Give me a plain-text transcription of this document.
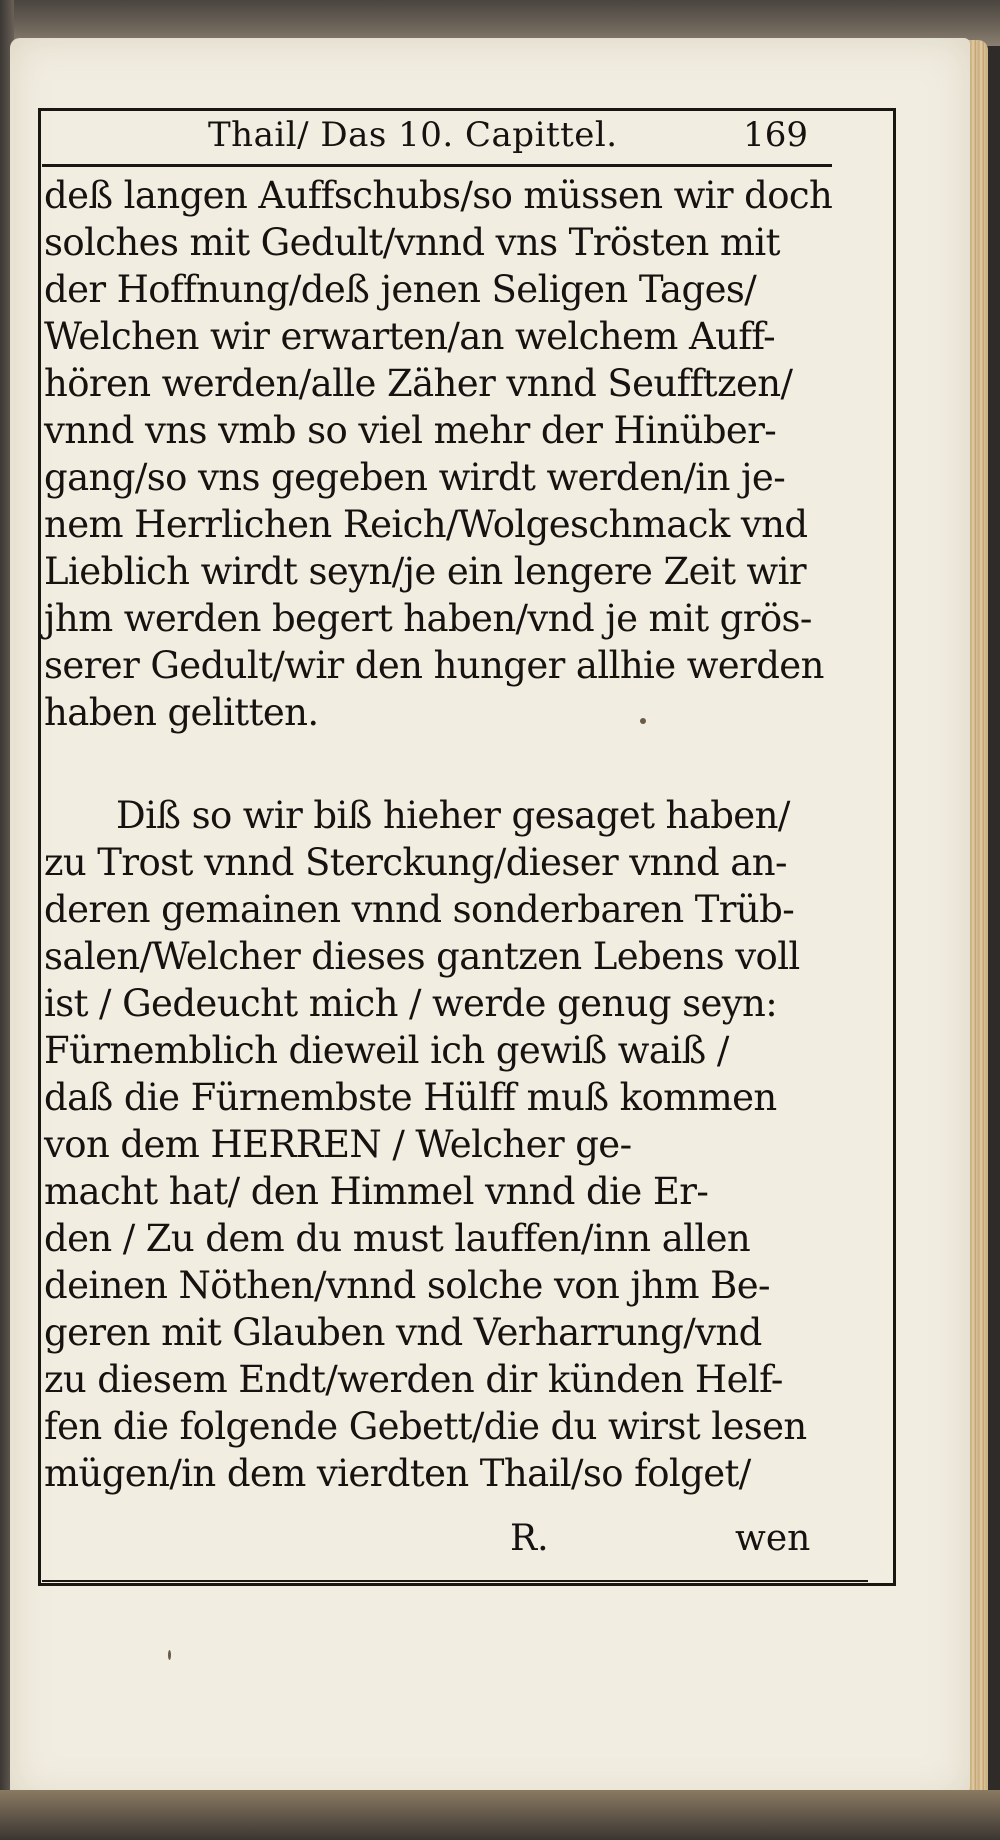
Thail/ Das 10. Capittel.	169
deß langen Auffschubs/so müssen wir doch
solches mit Gedult/vnnd vns Trösten mit
der Hoffnung/deß jenen Seligen Tages/
Welchen wir erwarten/an welchem Auff-
hören werden/alle Zäher vnnd Seufftzen/
vnnd vns vmb so viel mehr der Hinüber-
gang/so vns gegeben wirdt werden/in je-
nem Herrlichen Reich/Wolgeschmack vnd
Lieblich wirdt seyn/je ein lengere Zeit wir
jhm werden begert haben/vnd je mit grös-
serer Gedult/wir den hunger allhie werden
haben gelitten.
Diß so wir biß hieher gesaget haben/
zu Trost vnnd Sterckung/dieser vnnd an-
deren gemainen vnnd sonderbaren Trüb-
salen/Welcher dieses gantzen Lebens voll
ist / Gedeucht mich / werde genug seyn:
Fürnemblich dieweil ich gewiß waiß /
daß die Fürnembste Hülff muß kommen
von dem HERREN / Welcher ge-
macht hat/ den Himmel vnnd die Er-
den / Zu dem du must lauffen/inn allen
deinen Nöthen/vnnd solche von jhm Be-
geren mit Glauben vnd Verharrung/vnd
zu diesem Endt/werden dir künden Helf-
fen die folgende Gebett/die du wirst lesen
mügen/in dem vierdten Thail/so folget/
R.	wen
